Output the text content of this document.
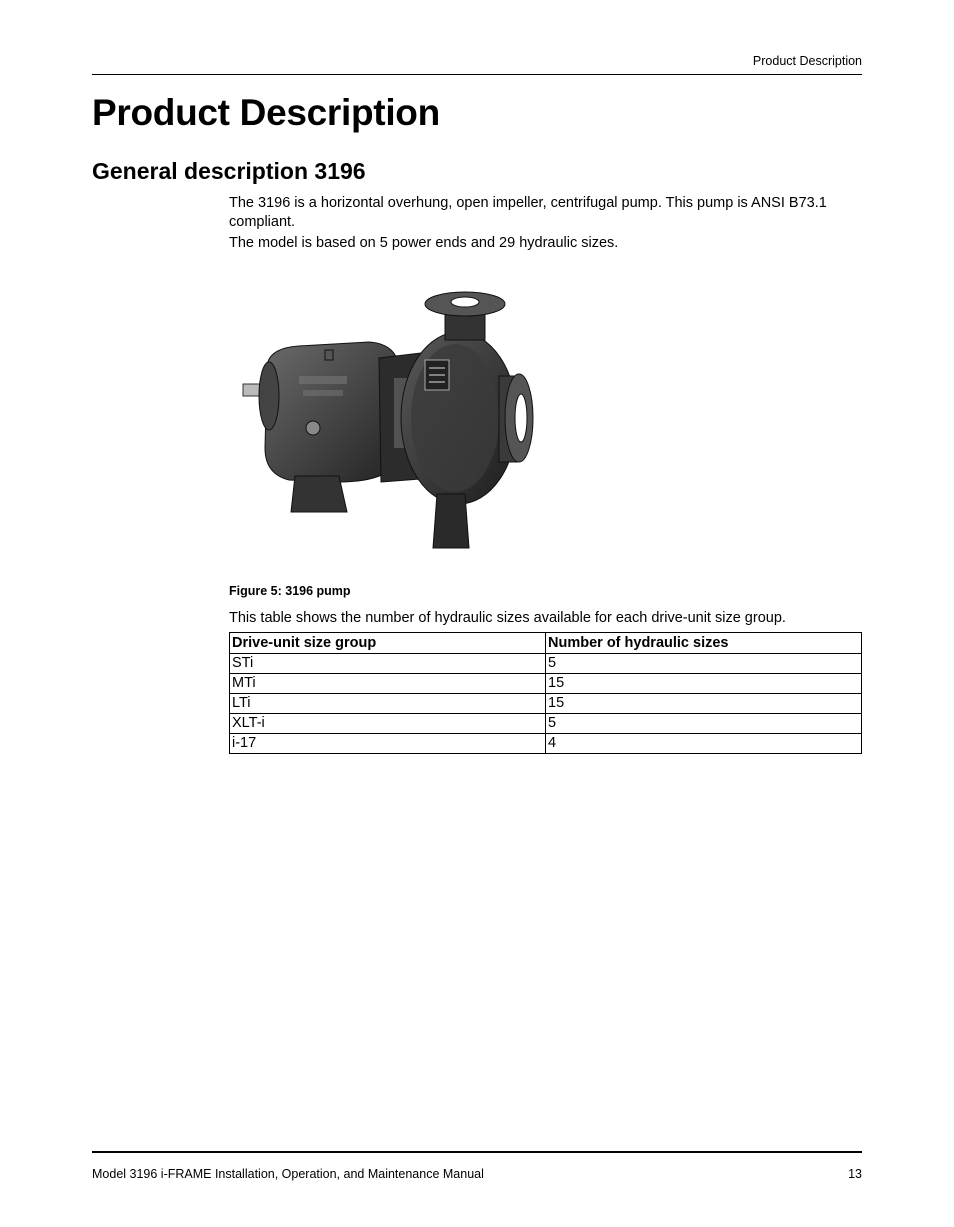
Product Description
Product Description
General description 3196

The 3196 is a horizontal overhung, open impeller, centrifugal pump. This pump is ANSI B73.1 compliant.

The model is based on 5 power ends and 29 hydraulic sizes.

Figure 5: 3196 pump

This table shows the number of hydraulic sizes available for each drive-unit size group.

Drive-unit size group	Number of hydraulic sizes
STi	5
MTi	15
LTi	15
XLT-i	5
i-17	4
Model 3196 i-FRAME Installation, Operation, and Maintenance Manual	13
